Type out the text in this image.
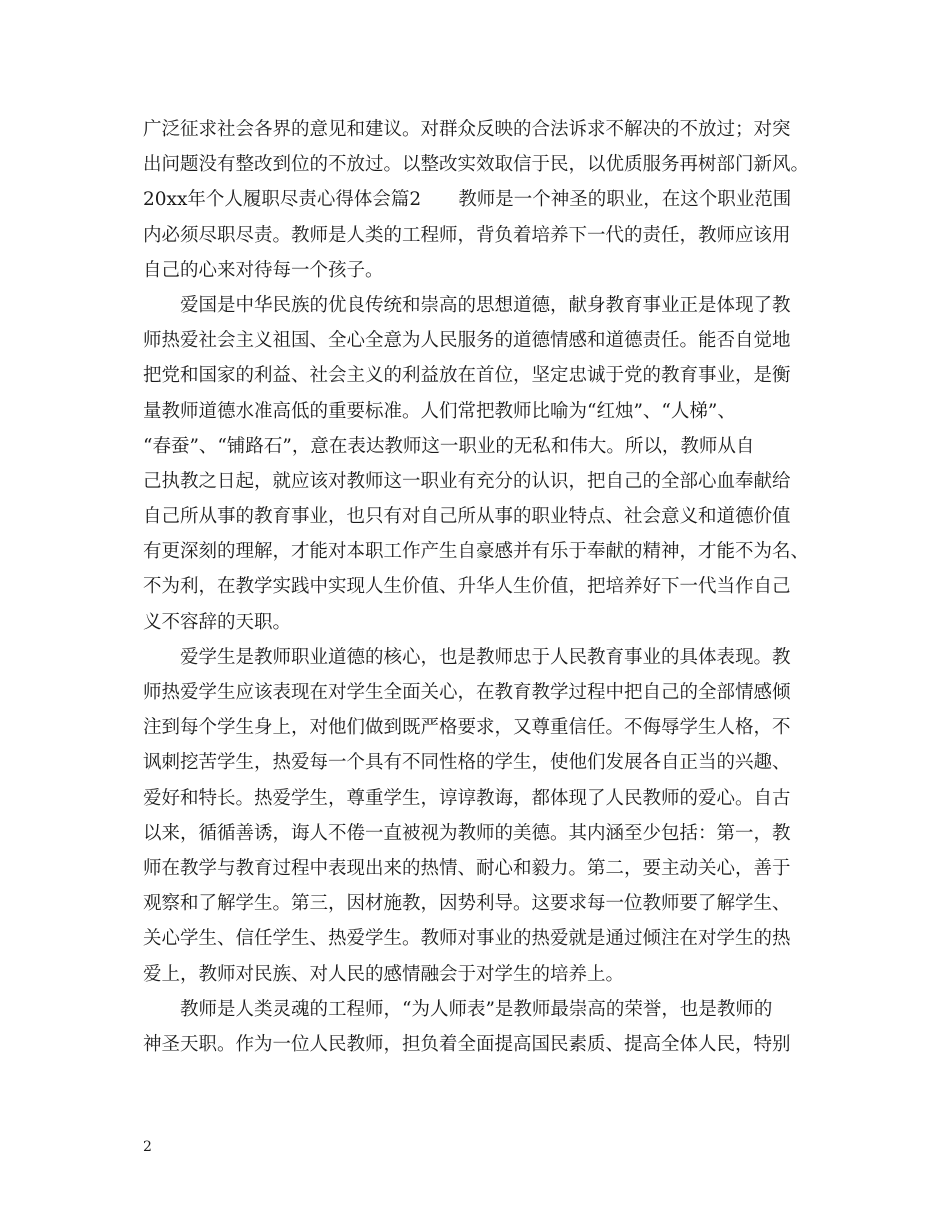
广泛征求社会各界的意见和建议。对群众反映的合法诉求不解决的不放过；对突
出问题没有整改到位的不放过。以整改实效取信于民，以优质服务再树部门新风。
20xx年个人履职尽责心得体会篇2 教师是一个神圣的职业，在这个职业范围
内必须尽职尽责。教师是人类的工程师，背负着培养下一代的责任，教师应该用
自己的心来对待每一个孩子。
爱国是中华民族的优良传统和崇高的思想道德，献身教育事业正是体现了教
师热爱社会主义祖国、全心全意为人民服务的道德情感和道德责任。能否自觉地
把党和国家的利益、社会主义的利益放在首位，坚定忠诚于党的教育事业，是衡
量教师道德水准高低的重要标准。人们常把教师比喻为“红烛”、“人梯”、
“春蚕”、“铺路石”，意在表达教师这一职业的无私和伟大。所以，教师从自
己执教之日起，就应该对教师这一职业有充分的认识，把自己的全部心血奉献给
自己所从事的教育事业，也只有对自己所从事的职业特点、社会意义和道德价值
有更深刻的理解，才能对本职工作产生自豪感并有乐于奉献的精神，才能不为名、
不为利，在教学实践中实现人生价值、升华人生价值，把培养好下一代当作自己
义不容辞的天职。
爱学生是教师职业道德的核心，也是教师忠于人民教育事业的具体表现。教
师热爱学生应该表现在对学生全面关心，在教育教学过程中把自己的全部情感倾
注到每个学生身上，对他们做到既严格要求，又尊重信任。不侮辱学生人格，不
讽刺挖苦学生，热爱每一个具有不同性格的学生，使他们发展各自正当的兴趣、
爱好和特长。热爱学生，尊重学生，谆谆教诲，都体现了人民教师的爱心。自古
以来，循循善诱，诲人不倦一直被视为教师的美德。其内涵至少包括：第一，教
师在教学与教育过程中表现出来的热情、耐心和毅力。第二，要主动关心，善于
观察和了解学生。第三，因材施教，因势利导。这要求每一位教师要了解学生、
关心学生、信任学生、热爱学生。教师对事业的热爱就是通过倾注在对学生的热
爱上，教师对民族、对人民的感情融会于对学生的培养上。
教师是人类灵魂的工程师，“为人师表”是教师最崇高的荣誉，也是教师的
神圣天职。作为一位人民教师，担负着全面提高国民素质、提高全体人民，特别
2
